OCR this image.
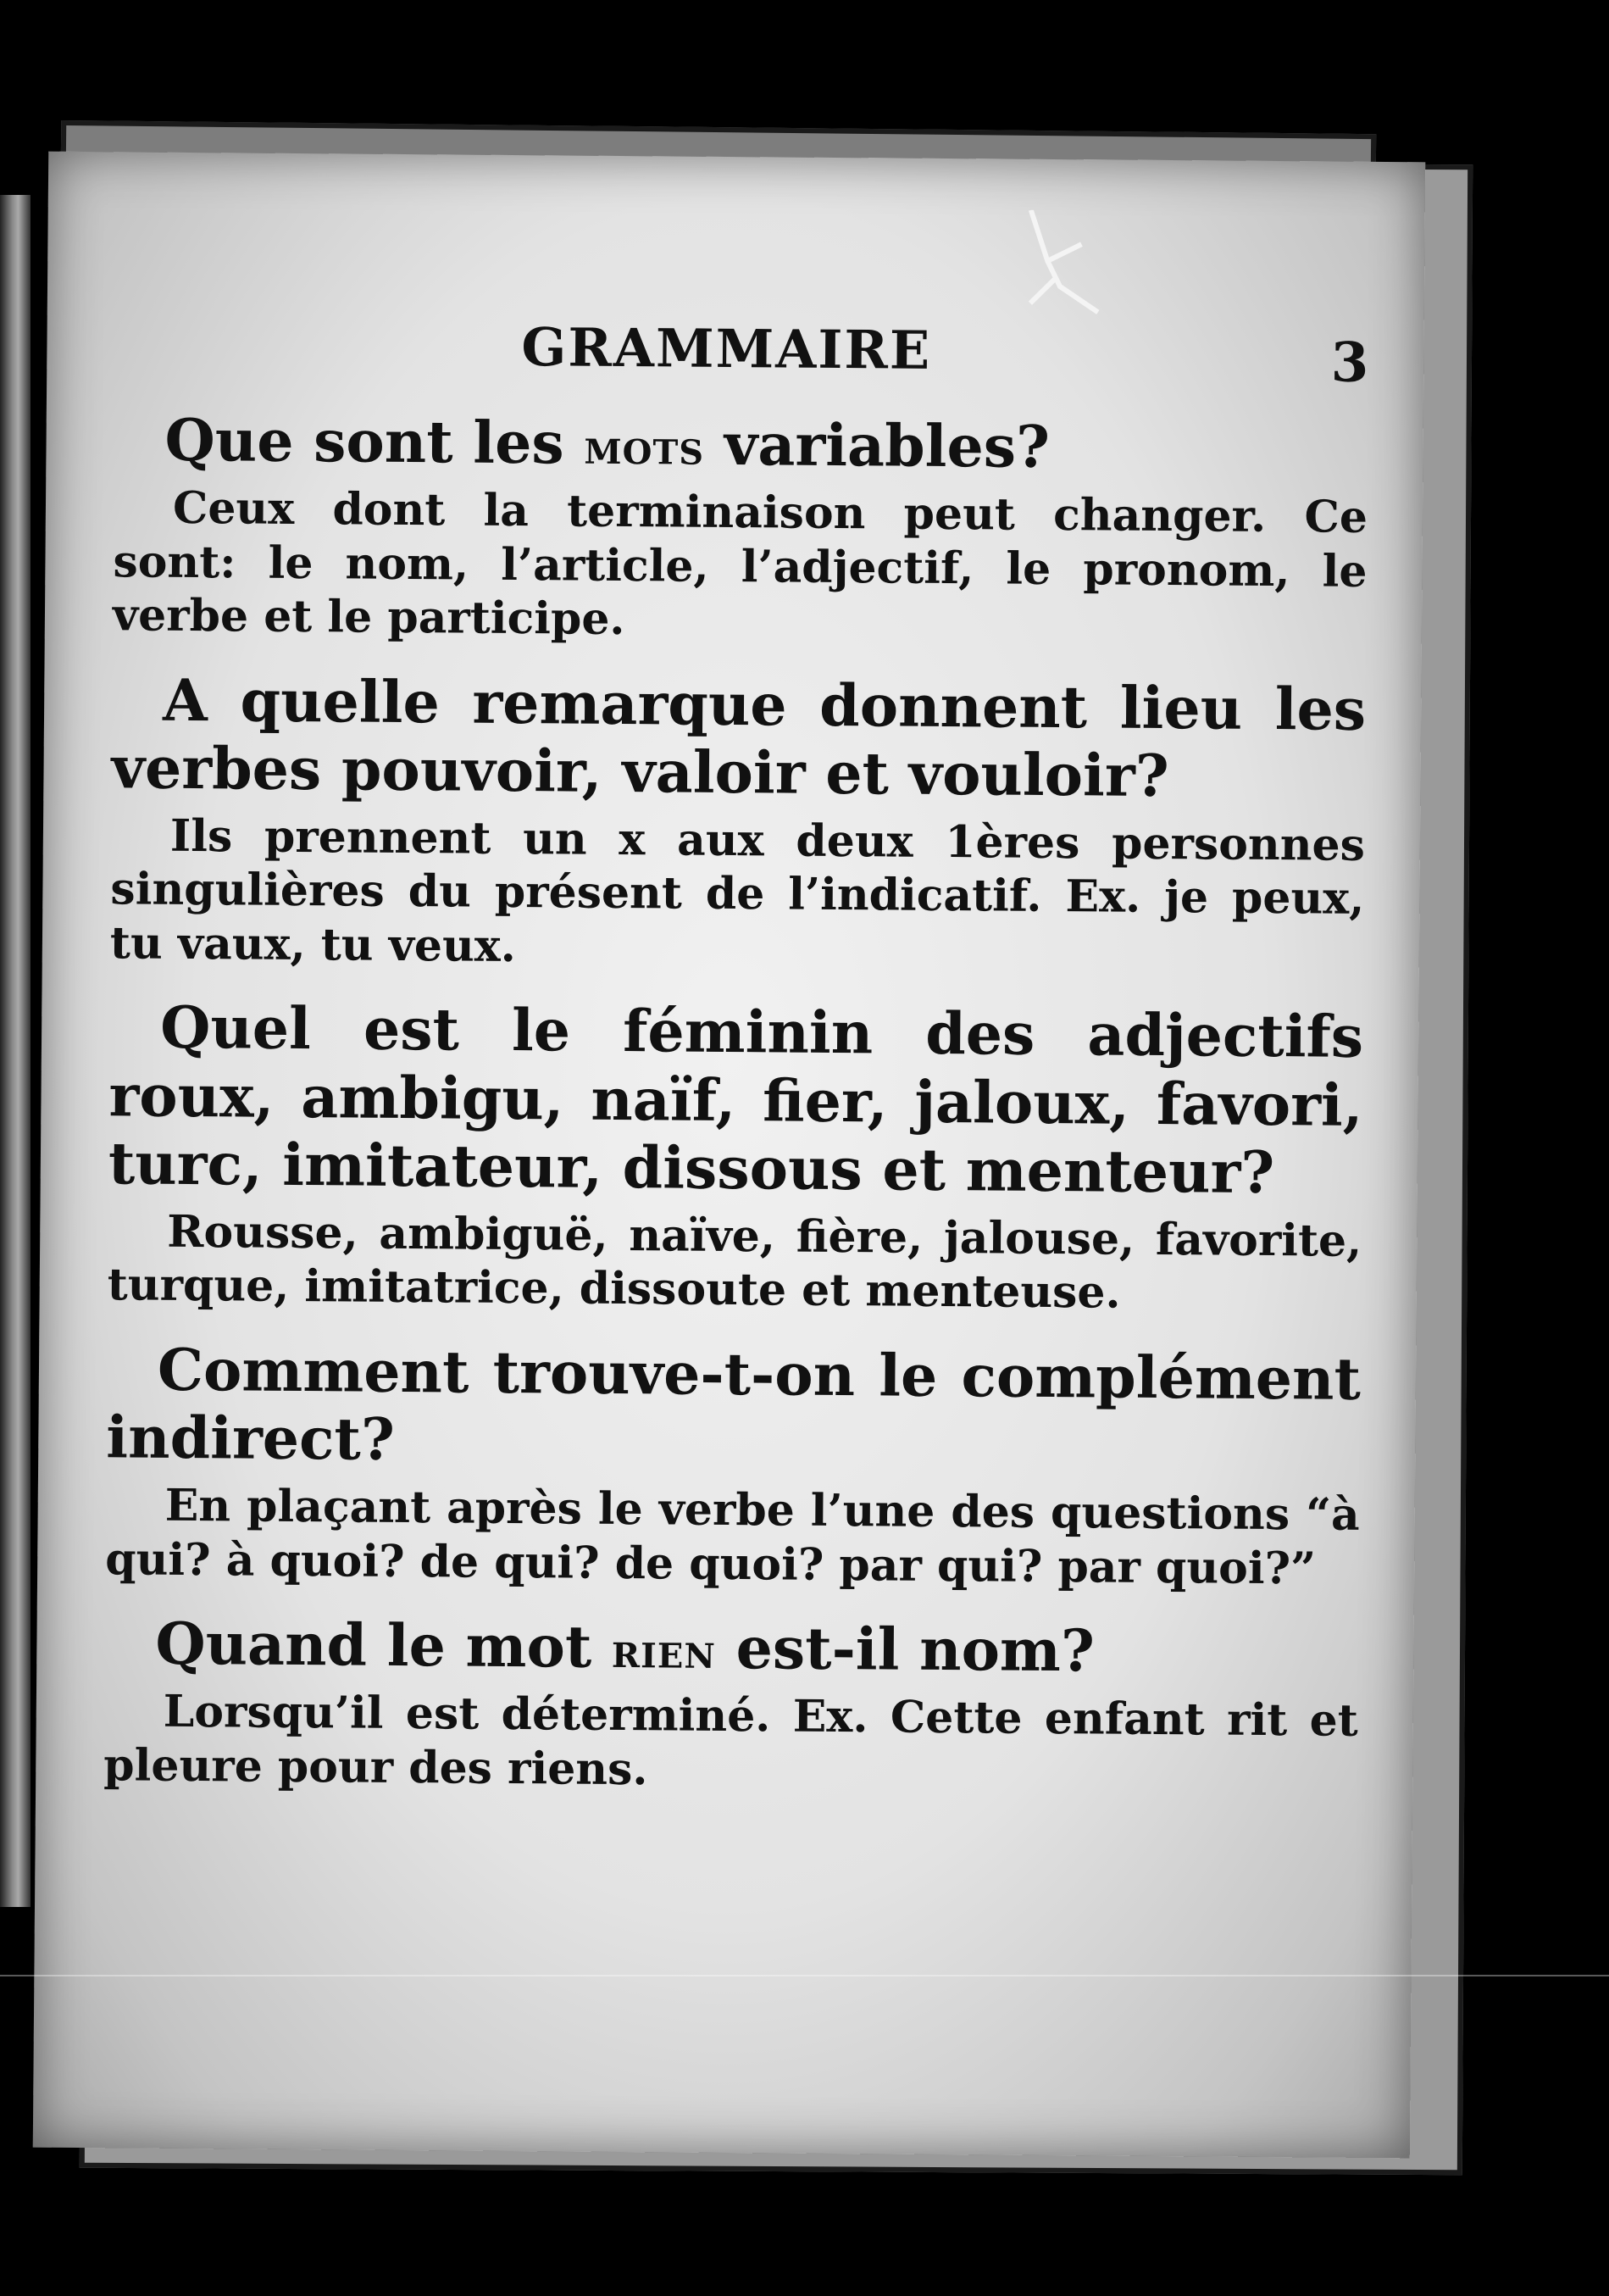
GRAMMAIRE	3

Que sont les mots variables?

Ceux dont la terminaison peut changer. Ce sont: le nom, l’article, l’adjectif, le pronom, le verbe et le participe.

A quelle remarque donnent lieu les verbes pouvoir, valoir et vouloir?

Ils prennent un x aux deux 1ères personnes singulières du présent de l’indicatif. Ex. je peux, tu vaux, tu veux.

Quel est le féminin des adjectifs roux, ambigu, naïf, fier, jaloux, favori, turc, imitateur, dissous et menteur?

Rousse, ambiguë, naïve, fière, jalouse, favorite, turque, imitatrice, dissoute et menteuse.

Comment trouve-t-on le complément indirect?

En plaçant après le verbe l’une des questions “à qui? à quoi? de qui? de quoi? par qui? par quoi?”

Quand le mot rien est-il nom?

Lorsqu’il est déterminé. Ex. Cette enfant rit et pleure pour des riens.
